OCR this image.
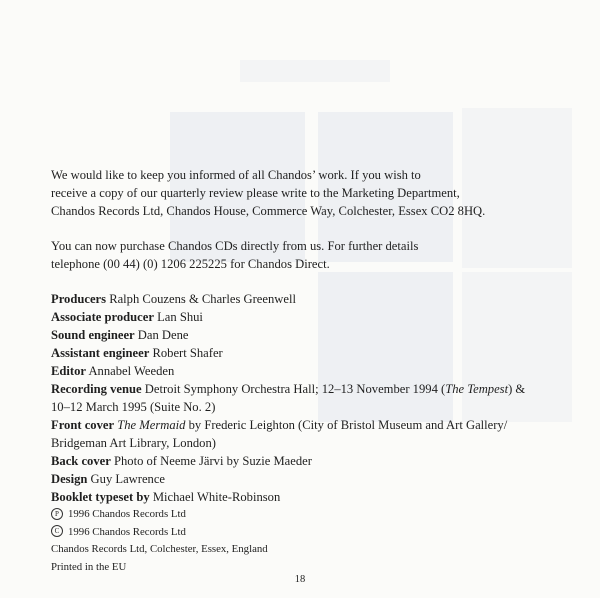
We would like to keep you informed of all Chandos’ work. If you wish to
receive a copy of our quarterly review please write to the Marketing Department,
Chandos Records Ltd, Chandos House, Commerce Way, Colchester, Essex CO2 8HQ.

You can now purchase Chandos CDs directly from us. For further details
telephone (00 44) (0) 1206 225225 for Chandos Direct.

Producers Ralph Couzens & Charles Greenwell
Associate producer Lan Shui
Sound engineer Dan Dene
Assistant engineer Robert Shafer
Editor Annabel Weeden
Recording venue Detroit Symphony Orchestra Hall; 12–13 November 1994 (The Tempest) &
10–12 March 1995 (Suite No. 2)
Front cover The Mermaid by Frederic Leighton (City of Bristol Museum and Art Gallery/
Bridgeman Art Library, London)
Back cover Photo of Neeme Järvi by Suzie Maeder
Design Guy Lawrence
Booklet typeset by Michael White-Robinson
P 1996 Chandos Records Ltd
C 1996 Chandos Records Ltd
Chandos Records Ltd, Colchester, Essex, England
Printed in the EU
18
